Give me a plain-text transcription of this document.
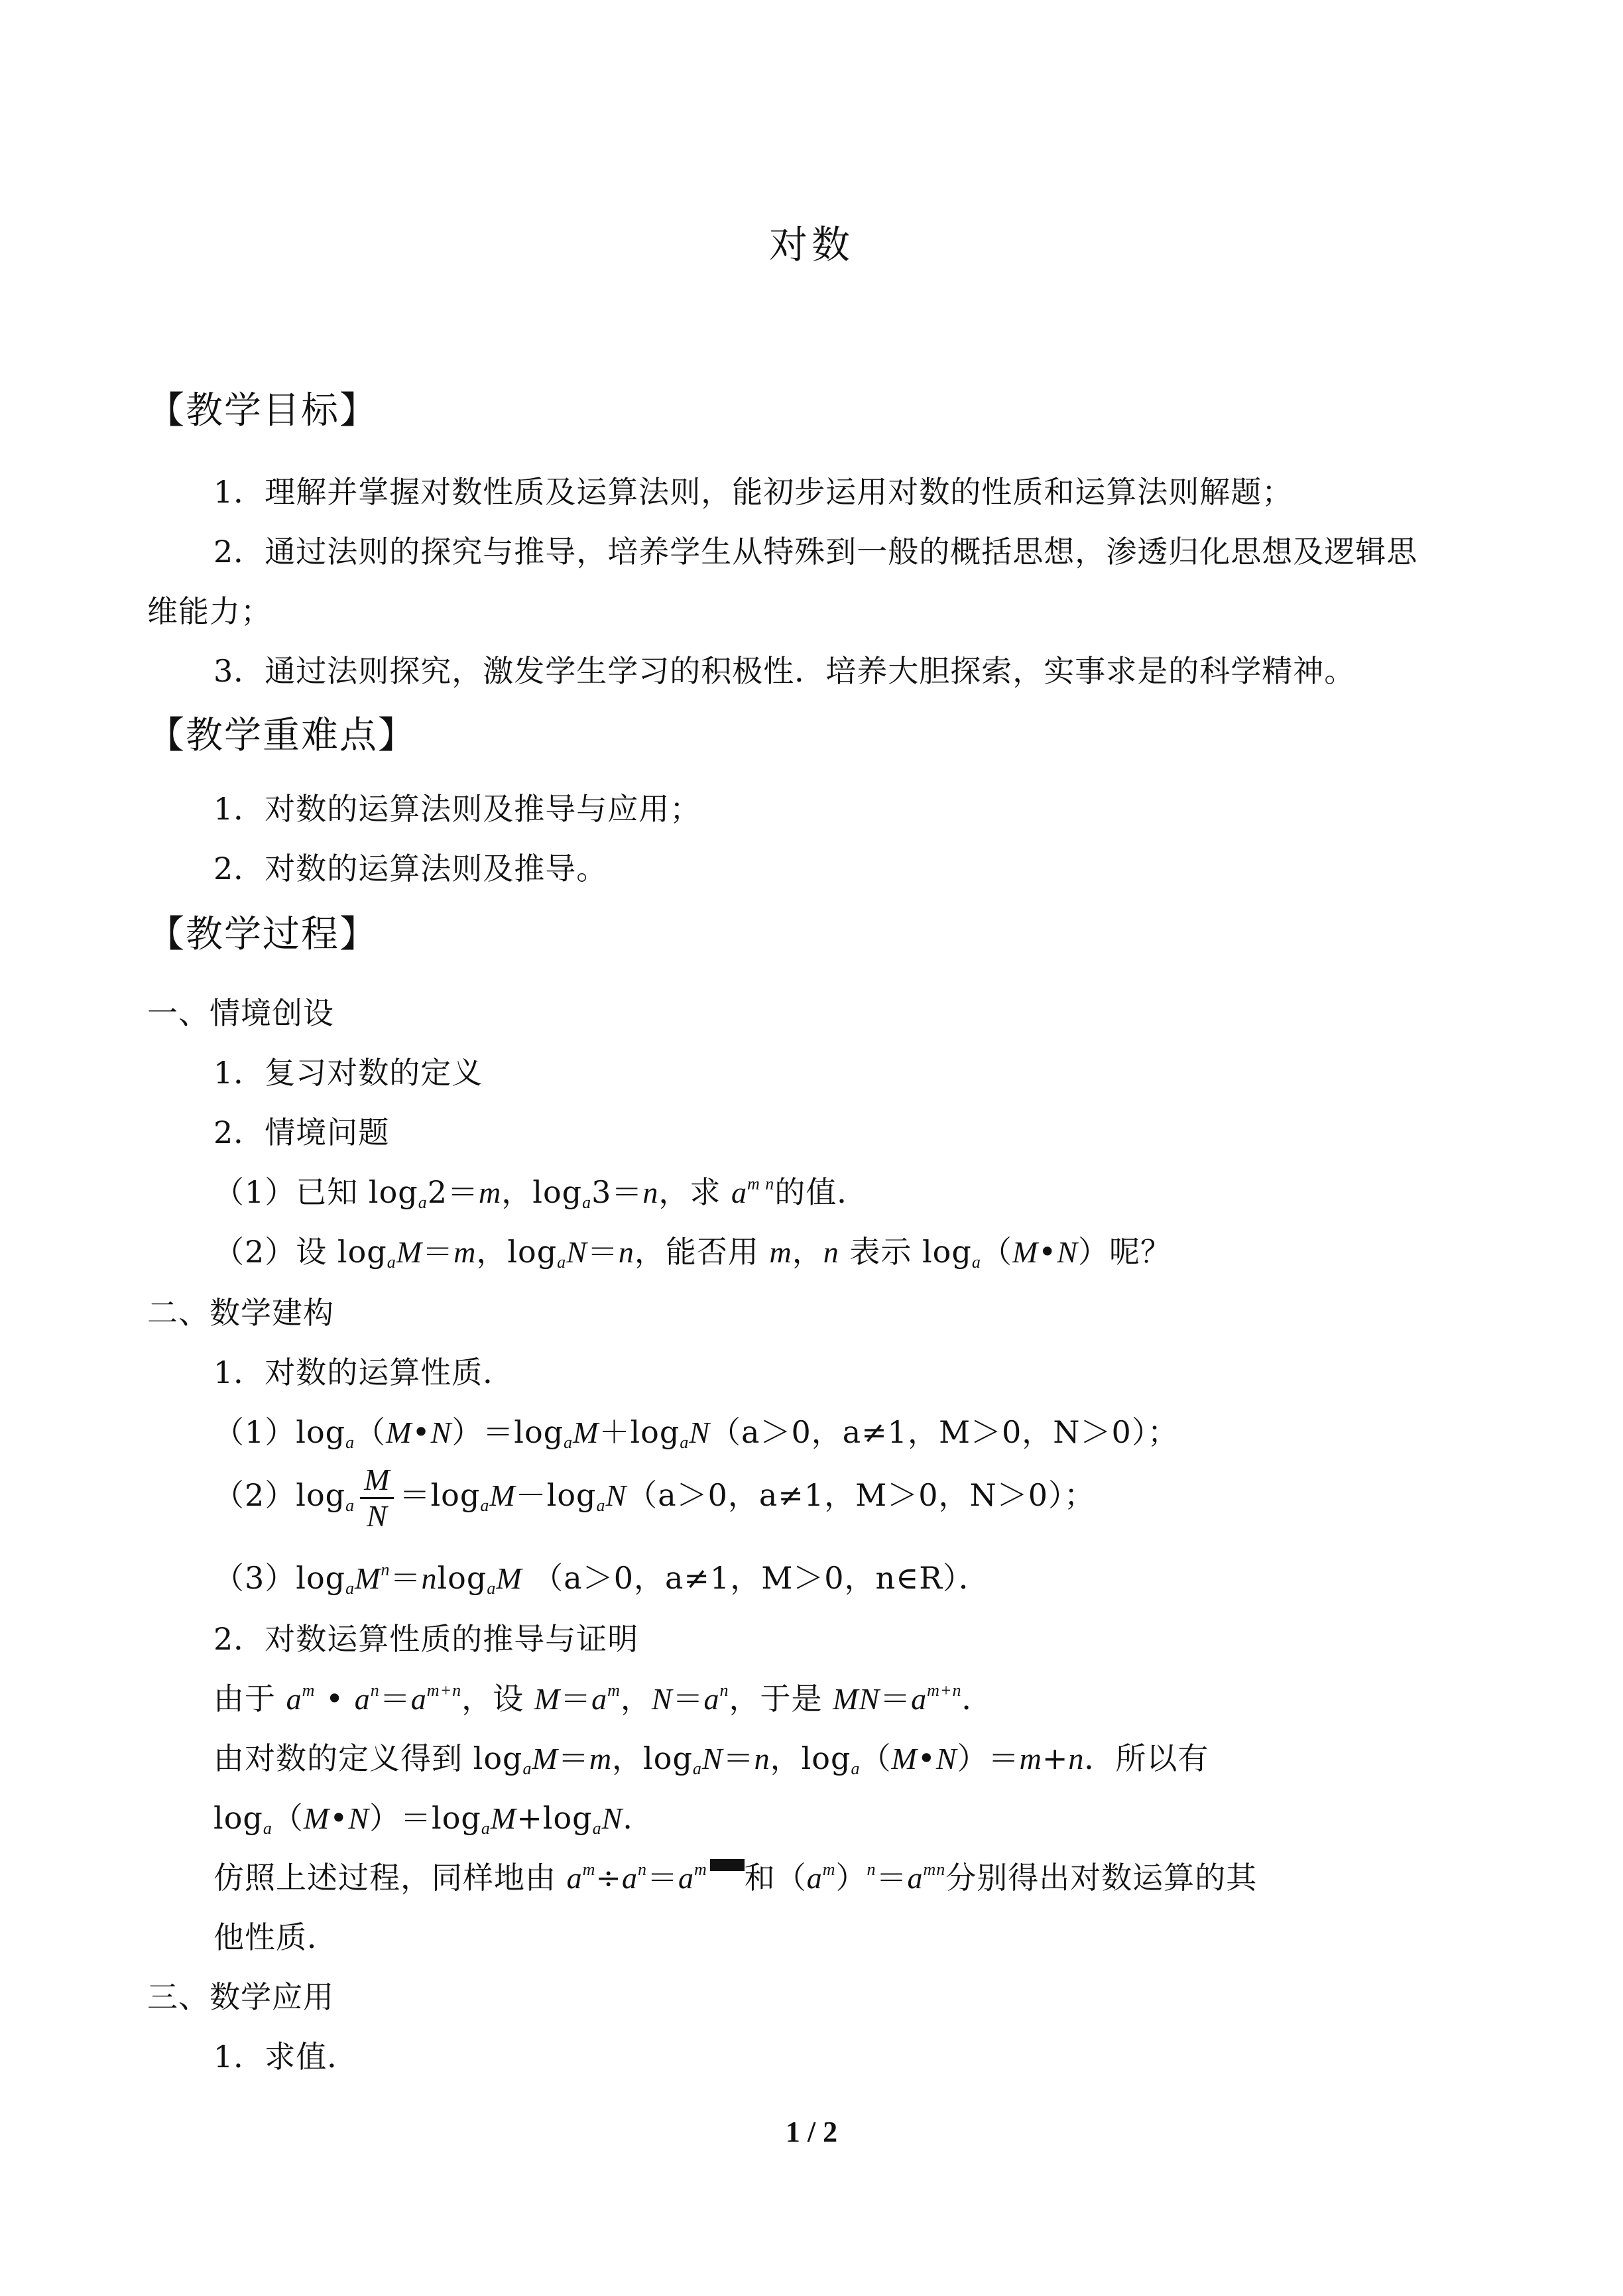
对数
【教学目标】
1．理解并掌握对数性质及运算法则，能初步运用对数的性质和运算法则解题；
2．通过法则的探究与推导，培养学生从特殊到一般的概括思想，渗透归化思想及逻辑思
维能力；
3．通过法则探究，激发学生学习的积极性．培养大胆探索，实事求是的科学精神。
【教学重难点】
1．对数的运算法则及推导与应用；
2．对数的运算法则及推导。
【教学过程】
一、情境创设
1．复习对数的定义
2．情境问题
（1）已知 $\log_a2=m$，$\log_a3=n$，求 $a^{m n}$的值．
（2）设 $\log_aM=m$，$\log_aN=n$，能否用 m，n 表示 $\log_a(M•N)$呢？
二、数学建构
1．对数的运算性质．
$(1)\log_a(M•N)=\log_aM+\log_aN(a>0$，a≠1，M＞0，N＞0）；
$(2)\log_a \frac{M}{N} =\log_aM-\log_aN(a>0$，a≠1，M＞0，N＞0）；
$(3)\log_aM^n=nlog_aM$ （a＞0，a≠1，M＞0，n∈R）．
2．对数运算性质的推导与证明
由于 $a^m$ • $a^n=a^{m+n}$，设 $M=a^m$，$N=a^n$，于是 $MN=a^{m+n}$．
由对数的定义得到 $\log_aM=m$，$\log_aN=n$，$\log_a(M•N)=m+n$．所以有
$\log_a(M•N)=\log_aM+\log_aN$.
仿照上述过程，同样地由 $a^m\div a^n=a^m$ 和$(a^m)^n=a^{mn}$分别得出对数运算的其
他性质．
三、数学应用
1．求值．
1 / 2
